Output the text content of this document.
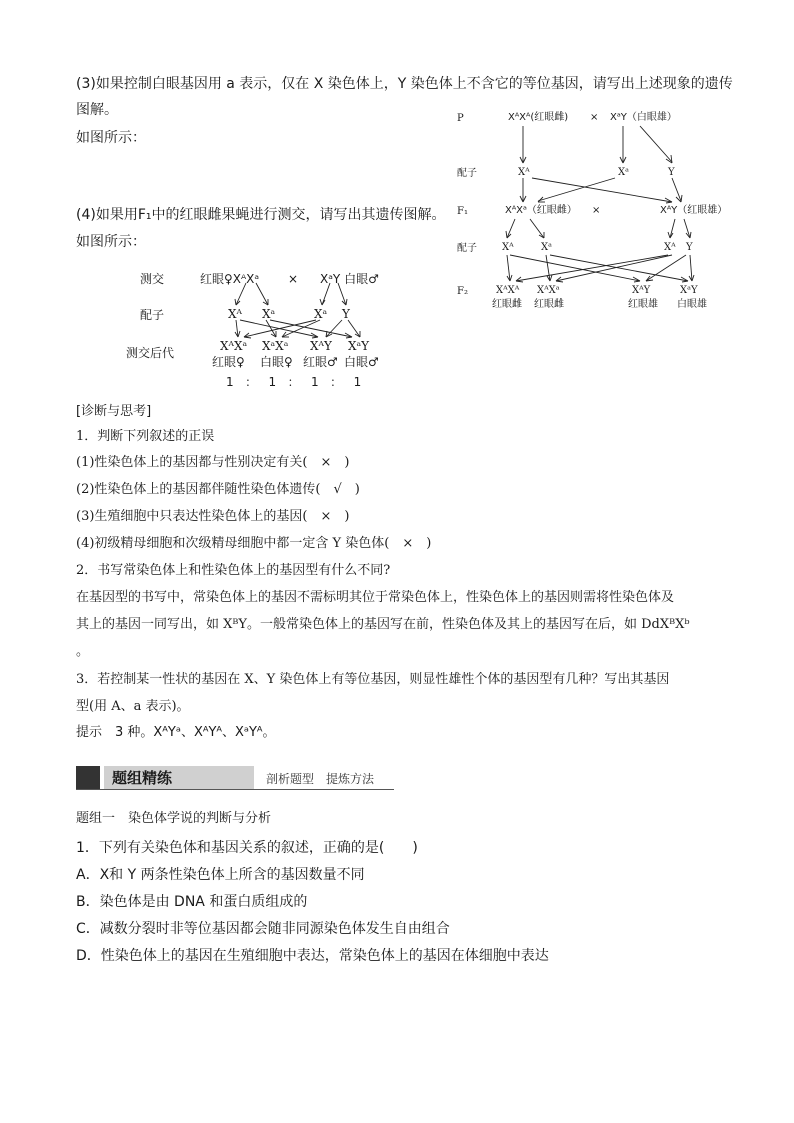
(3)如果控制白眼基因用 a 表示，仅在 X 染色体上，Y 染色体上不含它的等位基因，请写出上述现象的遗传
图解。
如图所示：
(4)如果用F₁中的红眼雌果蝇进行测交，请写出其遗传图解。
如图所示：
P	XᴬXᴬ(红眼雌) × XᵃY（白眼雄）
配子	Xᴬ	Xᵃ	Y
F₁	XᴬXᵃ（红眼雌） ×	XᴬY（红眼雄）
配子	Xᴬ	Xᵃ	Xᴬ Y
F₂	XᴬXᴬ XᴬXᵃ	XᴬY	XᵃY
红眼雌 红眼雌	红眼雄 白眼雄
测交	红眼♀XᴬXᵃ × XᵃY 白眼♂
配子	Xᴬ Xᵃ	Xᵃ Y
测交后代	XᴬXᵃ XᵃXᵃ XᴬY XᵃY
红眼♀ 白眼♀ 红眼♂ 白眼♂
1   ：   1   ：   1   ：   1
[诊断与思考]
1．判断下列叙述的正误
(1)性染色体上的基因都与性别决定有关(　×　)
(2)性染色体上的基因都伴随性染色体遗传(　√　)
(3)生殖细胞中只表达性染色体上的基因(　×　)
(4)初级精母细胞和次级精母细胞中都一定含 Y 染色体(　×　)
2．书写常染色体上和性染色体上的基因型有什么不同?
在基因型的书写中，常染色体上的基因不需标明其位于常染色体上，性染色体上的基因则需将性染色体及
其上的基因一同写出，如 XᴮY。一般常染色体上的基因写在前，性染色体及其上的基因写在后，如 DdXᴮXᵇ
。
3．若控制某一性状的基因在 X、Y 染色体上有等位基因，则显性雄性个体的基因型有几种？写出其基因
型(用 A、a 表示)。
提示　3 种。XᴬYᵃ、XᴬYᴬ、XᵃYᴬ。
题组精练	剖析题型　提炼方法
题组一　染色体学说的判断与分析
1．下列有关染色体和基因关系的叙述，正确的是(　　)
A．X和 Y 两条性染色体上所含的基因数量不同
B．染色体是由 DNA 和蛋白质组成的
C．减数分裂时非等位基因都会随非同源染色体发生自由组合
D．性染色体上的基因在生殖细胞中表达，常染色体上的基因在体细胞中表达
